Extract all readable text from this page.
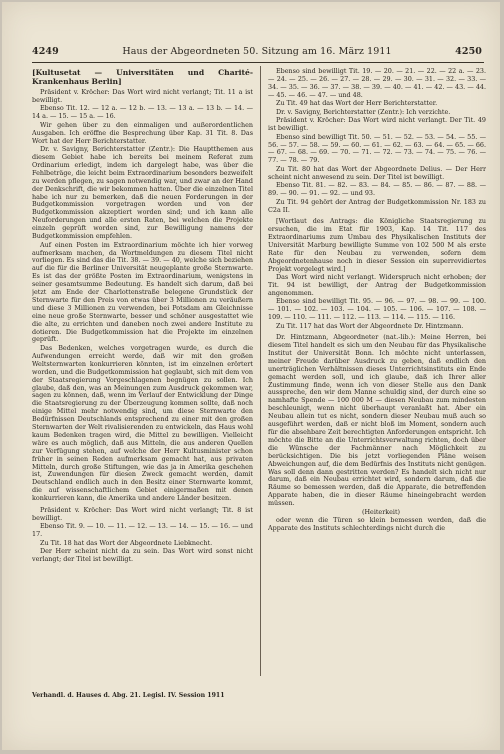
4249	Haus der Abgeordneten 50. Sitzung am 16. März 1911	4250

[Kultusetat — Universitäten und Charité-Krankenhaus Berlin]

Präsident v. Kröcher: Das Wort wird nicht verlangt; Tit. 11 a ist bewilligt.

Ebenso Tit. 12. — 12 a. — 12 b. — 13. — 13 a. — 13 b. — 14. — 14 a. — 15. — 15 a. — 16.

Wir gehen über zu den einmaligen und außerordentlichen Ausgaben. Ich eröffne die Besprechung über Kap. 31 Tit. 8. Das Wort hat der Herr Berichterstatter.

Dr. v. Savigny, Berichterstatter (Zentr.): Die Hauptthemen aus diesem Gebiet habe ich bereits bei meinem Referat zum Ordinarium erledigt, indem ich dargelegt habe, was über die Fehlbeträge, die leicht beim Extraordinarium besonders bezweifelt zu werden pflegen, zu sagen notwendig war, und zwar an der Hand der Denkschrift, die wir bekommen hatten. Über die einzelnen Titel habe ich nur zu bemerken, daß die neuen Forderungen in der Budgetkommission vorgetragen worden und von der Budgetkommission akzeptiert worden sind; und ich kann alle Neuforderungen und alle ersten Raten, bei welchen die Projekte einzeln geprüft worden sind, zur Bewilligung namens der Budgetkommission empfehlen.

Auf einen Posten im Extraordinarium möchte ich hier vorweg aufmerksam machen, da Wortmeldungen zu diesem Titel nicht vorliegen. Es sind das die Tit. 38. — 39. — 40, welche sich beziehen auf die für die Berliner Universität neugeplante große Sternwarte. Es ist das der größte Posten im Extraordinarium, wenigstens in seiner gesamtsumme Bedeutung. Es handelt sich darum, daß bei jetzt am Ende der Charlottenstraße belegene Grundstück der Sternwarte für den Preis von etwas über 3 Millionen zu veräußern und diese 3 Millionen zu verwenden, bei Potsdam am Gleichnisse eine neue große Sternwarte, besser und schöner ausgestattet wie die alte, zu errichten und daneben noch zwei andere Institute zu dotieren. Die Budgetkommission hat die Projekte im einzelnen geprüft.

Das Bedenken, welches vorgetragen wurde, es durch die Aufwendungen erreicht werde, daß wir mit den großen Weltsternwarten konkurrieren könnten, ist im einzelnen erörtert worden, und die Budgetkommission hat geglaubt, sich mit dem von der Staatsregierung Vorgeschlagenen begnügen zu sollen. Ich glaube, daß den, was an Meinungen zum Ausdruck gekommen war, sagen zu können, daß, wenn im Verlauf der Entwicklung der Dinge die Staatsregierung zu der Überzeugung kommen sollte, daß noch einige Mittel mehr notwendig sind, um diese Sternwarte den Bedürfnissen Deutschlands entsprechend zu einer mit den großen Sternwarten der Welt rivalisierenden zu entwickeln, das Haus wohl kaum Bedenken tragen wird, die Mittel zu bewilligen. Vielleicht wäre es auch möglich, daß aus Mitteln, die aus anderen Quellen zur Verfügung stehen, auf welche der Herr Kultusminister schon früher in seinen Reden aufmerksam gemacht hat, aus privaten Mitteln, durch große Stiftungen, wie das ja in Amerika geschehen ist, Zuwendungen für diesen Zweck gemacht werden, damit Deutschland endlich auch in den Besitz einer Sternwarte kommt, die auf wissenschaftlichem Gebiet einigermaßen mit denen konkurrieren kann, die Amerika und andere Länder besitzen.

Präsident v. Kröcher: Das Wort wird nicht verlangt; Tit. 8 ist bewilligt.

Ebenso Tit. 9. — 10. — 11. — 12. — 13. — 14. — 15. — 16. — und 17.

Zu Tit. 18 hat das Wort der Abgeordnete Liebknecht.

Der Herr scheint nicht da zu sein. Das Wort wird sonst nicht verlangt; der Titel ist bewilligt.

Ebenso sind bewilligt Tit. 19. — 20. — 21. — 22. — 22 a. — 23. — 24. — 25. — 26. — 27. — 28. — 29. — 30. — 31. — 32. — 33. — 34. — 35. — 36. — 37. — 38. — 39. — 40. — 41. — 42. — 43. — 44. — 45. — 46. — 47. — und 48.

Zu Tit. 49 hat das Wort der Herr Berichterstatter.

Dr. v. Savigny, Berichterstatter (Zentr.): Ich verzichte.

Präsident v. Kröcher: Das Wort wird nicht verlangt. Der Tit. 49 ist bewilligt.

Ebenso sind bewilligt Tit. 50. — 51. — 52. — 53. — 54. — 55. — 56. — 57. — 58. — 59. — 60. — 61. — 62. — 63. — 64. — 65. — 66. — 67. — 68. — 69. — 70. — 71. — 72. — 73. — 74. — 75. — 76. — 77. — 78. — 79.

Zu Tit. 80 hat das Wort der Abgeordnete Delius. — Der Herr scheint nicht anwesend zu sein. Der Titel ist bewilligt.

Ebenso Tit. 81. — 82. — 83. — 84. — 85. — 86. — 87. — 88. — 89. — 90. — 91. — 92. — und 93.

Zu Tit. 94 gehört der Antrag der Budgetkommission Nr. 183 zu C2a II.

[Wortlaut des Antrags: die Königliche Staatsregierung zu ersuchen, die im Etat für 1903, Kap. 14 Tit. 117 des Extraordinariums zum Umbau des Physikalischen Instituts der Universität Marburg bewilligte Summe von 102 500 M als erste Rate für den Neubau zu verwenden, sofern dem Abgeordnetenhause noch in dieser Session ein superrevidiertes Projekt vorgelegt wird.]

Das Wort wird nicht verlangt. Widerspruch nicht erhoben; der Tit. 94 ist bewilligt, der Antrag der Budgetkommission angenommen.

Ebenso sind bewilligt Tit. 95. — 96. — 97. — 98. — 99. — 100. — 101. — 102. — 103. — 104. — 105. — 106. — 107. — 108. — 109. — 110. — 111. — 112. — 113. — 114. — 115. — 116.

Zu Tit. 117 hat das Wort der Abgeordnete Dr. Hintzmann.

Dr. Hintzmann, Abgeordneter (nat.-lib.): Meine Herren, bei diesem Titel handelt es sich um den Neubau für das Physikalische Institut der Universität Bonn. Ich möchte nicht unterlassen, meiner Freude darüber Ausdruck zu geben, daß endlich den unerträglichen Verhältnissen dieses Unterrichtsinstituts ein Ende gemacht werden soll, und ich glaube, daß ich Ihrer aller Zustimmung finde, wenn ich von dieser Stelle aus den Dank ausspreche, den wir dem Manne schuldig sind, der durch eine so namhafte Spende — 100 000 M — diesen Neubau zum mindesten beschleunigt, wenn nicht überhaupt veranlaßt hat. Aber ein Neubau allein tut es nicht, sondern dieser Neubau muß auch so ausgeführt werden, daß er nicht bloß im Moment, sondern auch für die absehbare Zeit berechtigten Anforderungen entspricht. Ich möchte die Bitte an die Unterrichtsverwaltung richten, doch über die Wünsche der Fachmänner nach Möglichkeit zu berücksichtigen. Die bis jetzt vorliegenden Pläne weisen Abweichungen auf, die dem Bedürfnis des Instituts nicht genügen. Was soll denn dann gestritten werden? Es handelt sich nicht nur darum, daß ein Neubau errichtet wird, sondern darum, daß die Räume so bemessen werden, daß die Apparate, die betreffenden Apparate haben, die in dieser Räume hineingebracht werden müssen.

(Heiterkeit)

oder wenn die Türen so klein bemessen werden, daß die Apparate des Instituts schlechterdings nicht durch die

Verhandl. d. Hauses d. Abg. 21. Legisl. IV. Session 1911
